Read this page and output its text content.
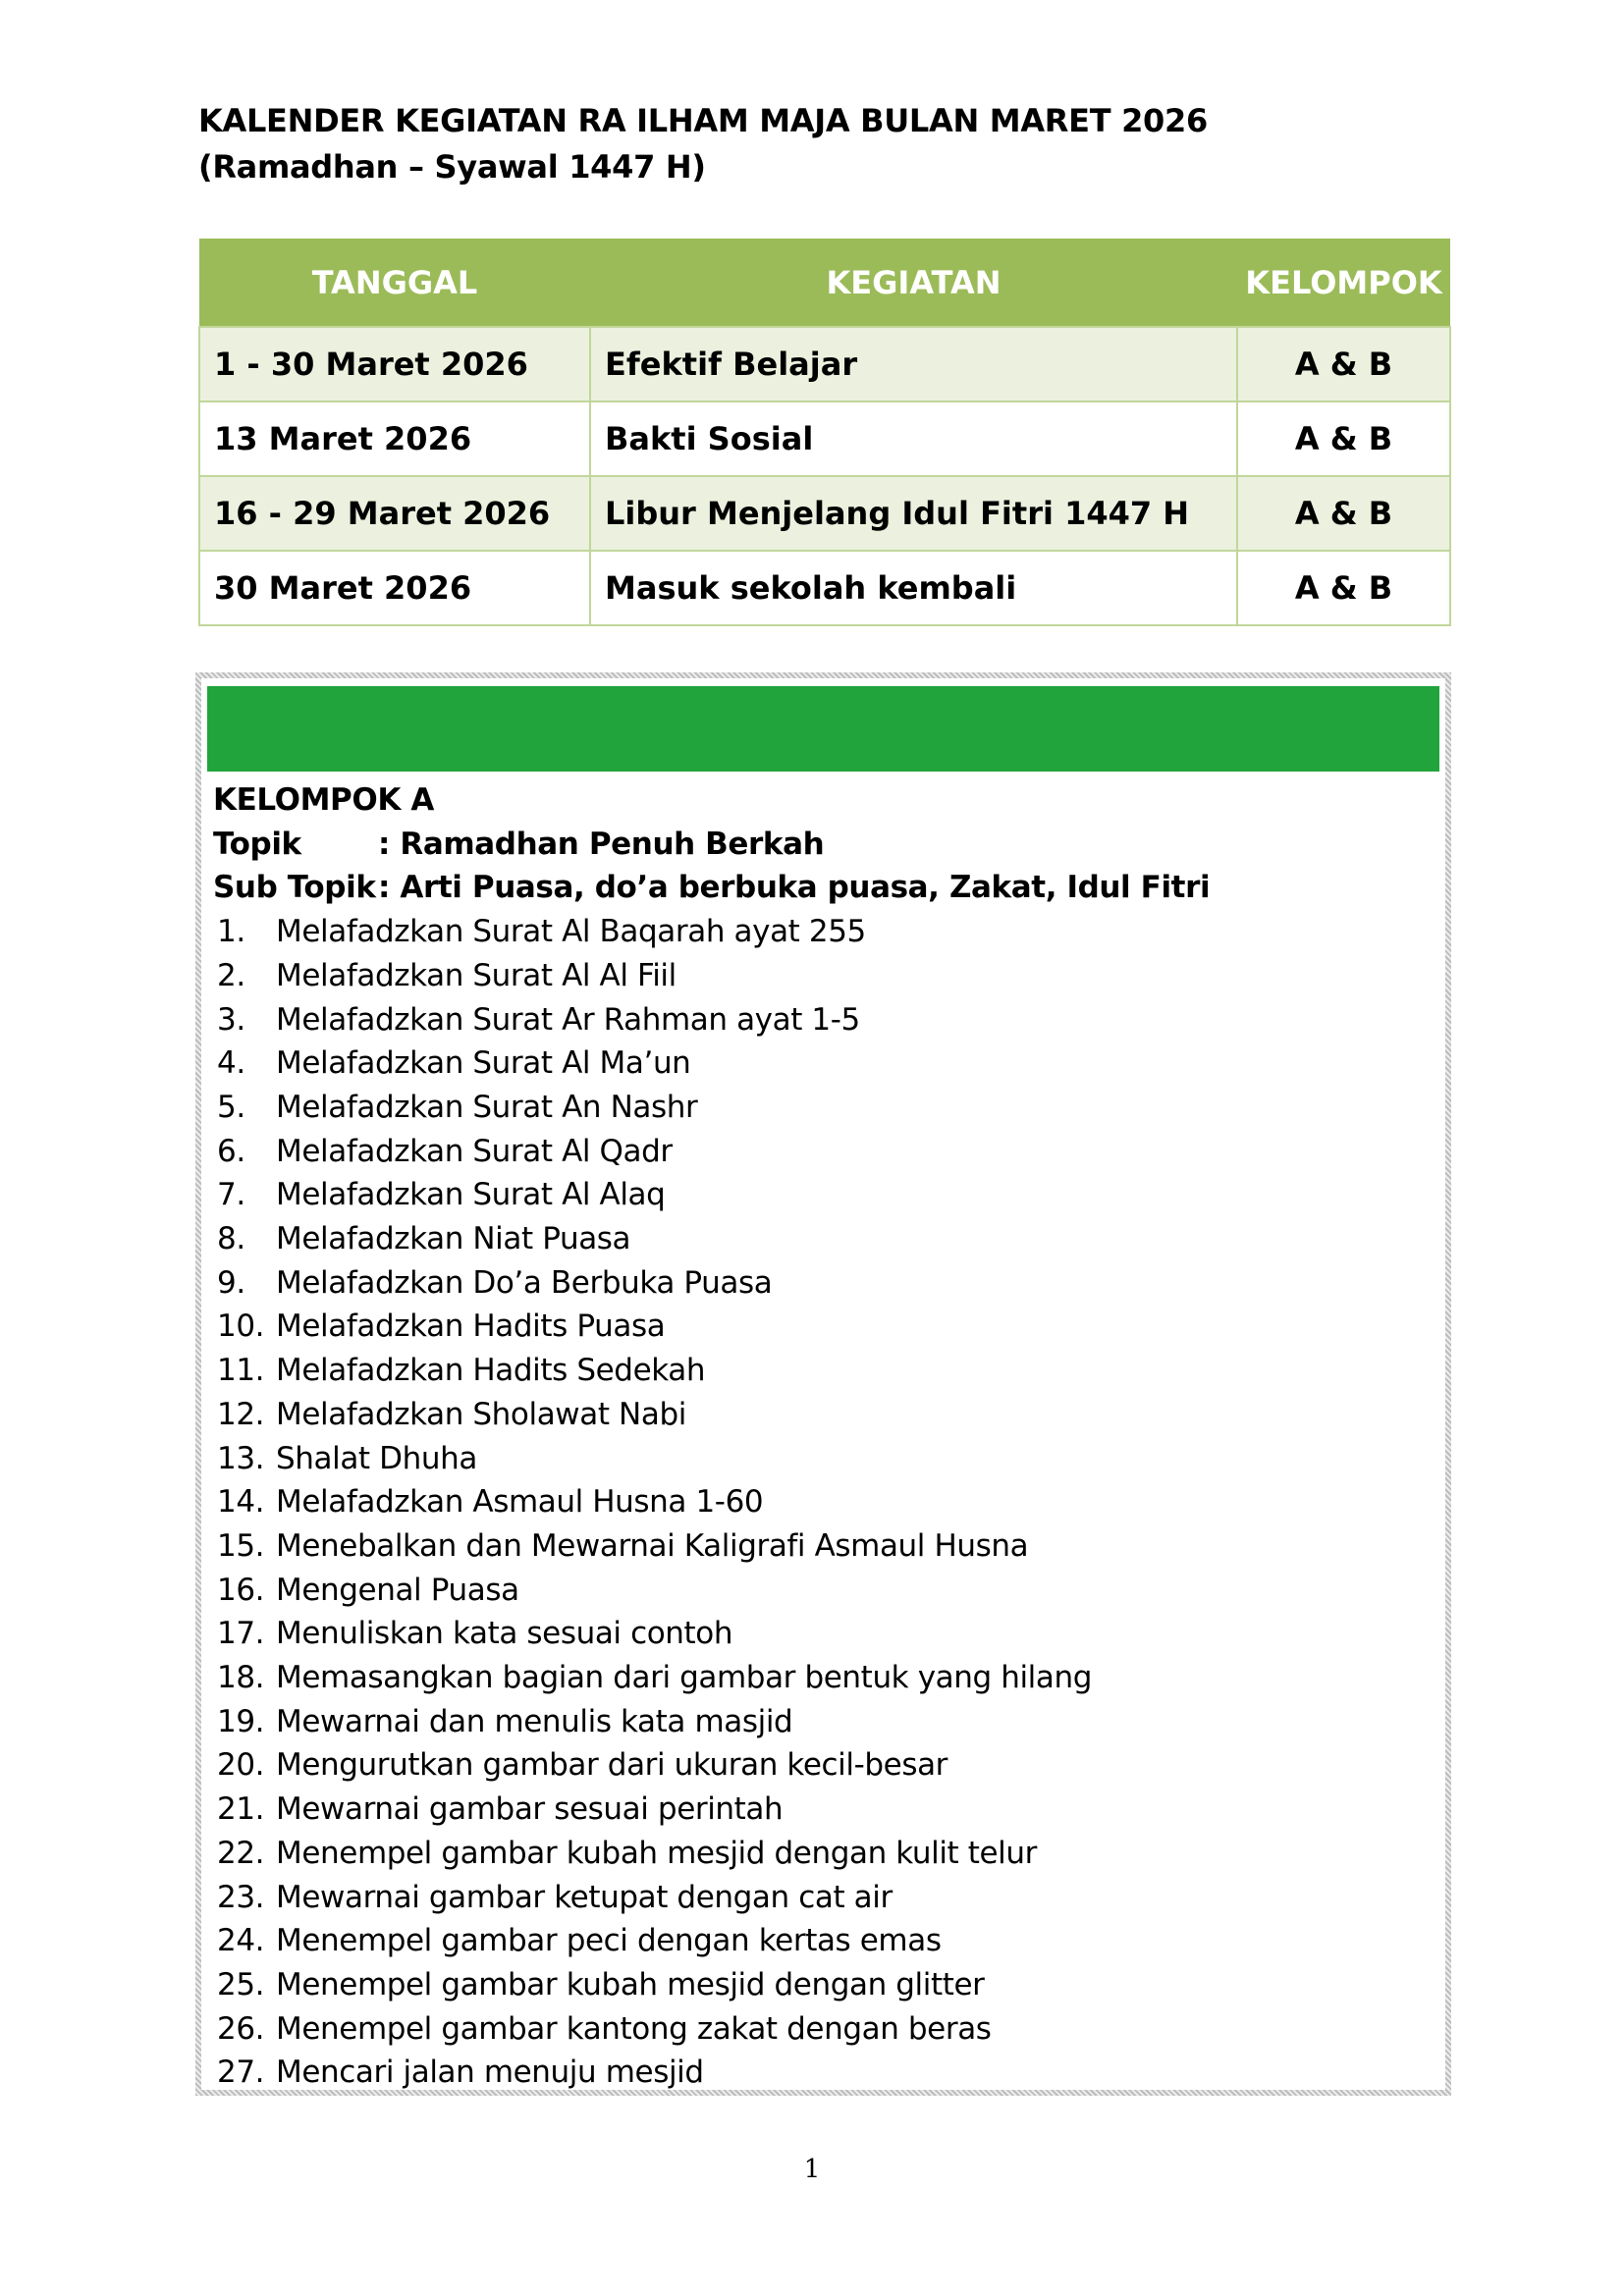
KALENDER KEGIATAN RA ILHAM MAJA BULAN MARET 2026
(Ramadhan – Syawal 1447 H)
TANGGAL	KEGIATAN	KELOMPOK
1 - 30 Maret 2026	Efektif Belajar	A & B
13 Maret 2026	Bakti Sosial	A & B
16 - 29 Maret 2026	Libur Menjelang Idul Fitri 1447 H	A & B
30 Maret 2026	Masuk sekolah kembali	A & B
KELOMPOK A
Topik	: Ramadhan Penuh Berkah
Sub Topik: Arti Puasa, do’a berbuka puasa, Zakat, Idul Fitri
1. Melafadzkan Surat Al Baqarah ayat 255
2. Melafadzkan Surat Al Al Fiil
3. Melafadzkan Surat Ar Rahman ayat 1-5
4. Melafadzkan Surat Al Ma’un
5. Melafadzkan Surat An Nashr
6. Melafadzkan Surat Al Qadr
7. Melafadzkan Surat Al Alaq
8. Melafadzkan Niat Puasa
9. Melafadzkan Do’a Berbuka Puasa
10. Melafadzkan Hadits Puasa
11. Melafadzkan Hadits Sedekah
12. Melafadzkan Sholawat Nabi
13. Shalat Dhuha
14. Melafadzkan Asmaul Husna 1-60
15. Menebalkan dan Mewarnai Kaligrafi Asmaul Husna
16. Mengenal Puasa
17. Menuliskan kata sesuai contoh
18. Memasangkan bagian dari gambar bentuk yang hilang
19. Mewarnai dan menulis kata masjid
20. Mengurutkan gambar dari ukuran kecil-besar
21. Mewarnai gambar sesuai perintah
22. Menempel gambar kubah mesjid dengan kulit telur
23. Mewarnai gambar ketupat dengan cat air
24. Menempel gambar peci dengan kertas emas
25. Menempel gambar kubah mesjid dengan glitter
26. Menempel gambar kantong zakat dengan beras
27. Mencari jalan menuju mesjid
1
